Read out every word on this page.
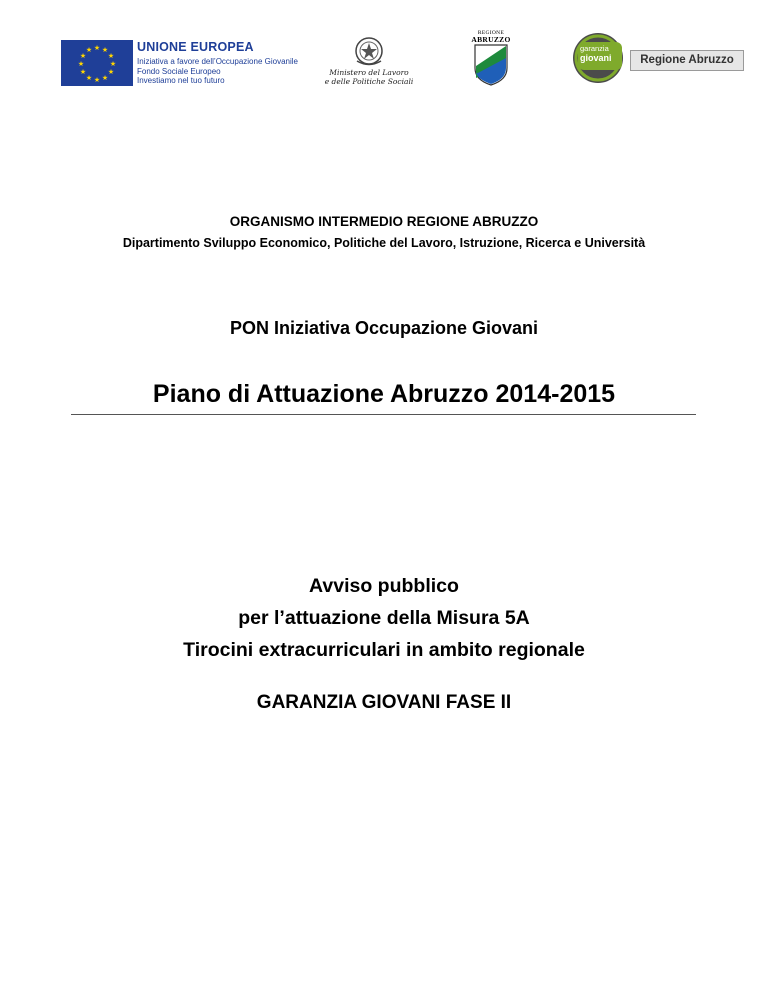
★ ★
★
★
★
★
★
★
★
★
★
★	UNIONE EUROPEA
Iniziativa a favore dell’Occupazione Giovanile
Fondo Sociale Europeo
Investiamo nel tuo futuro
Ministero del Lavoro
e delle Politiche Sociali
REGIONE
ABRUZZO
garanzia
giovani	Regione Abruzzo
ORGANISMO INTERMEDIO REGIONE ABRUZZO
Dipartimento Sviluppo Economico, Politiche del Lavoro, Istruzione, Ricerca e Università
PON Iniziativa Occupazione Giovani
Piano di Attuazione Abruzzo 2014-2015
Avviso pubblico
per l’attuazione della Misura 5A
Tirocini extracurriculari in ambito regionale
GARANZIA GIOVANI FASE II
